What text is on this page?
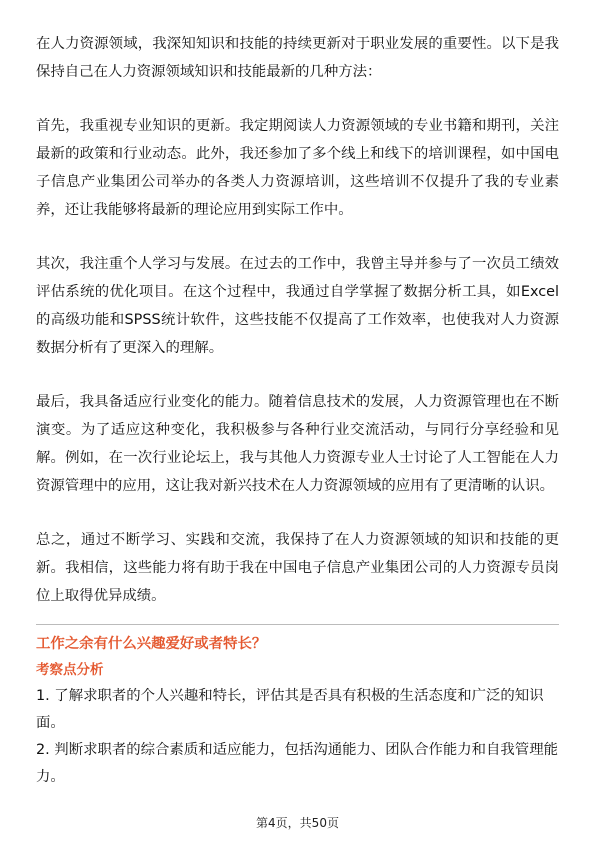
在人力资源领域，我深知知识和技能的持续更新对于职业发展的重要性。以下是我保持自己在人力资源领域知识和技能最新的几种方法：

首先，我重视专业知识的更新。我定期阅读人力资源领域的专业书籍和期刊，关注最新的政策和行业动态。此外，我还参加了多个线上和线下的培训课程，如中国电子信息产业集团公司举办的各类人力资源培训，这些培训不仅提升了我的专业素养，还让我能够将最新的理论应用到实际工作中。

其次，我注重个人学习与发展。在过去的工作中，我曾主导并参与了一次员工绩效评估系统的优化项目。在这个过程中，我通过自学掌握了数据分析工具，如Excel的高级功能和SPSS统计软件，这些技能不仅提高了工作效率，也使我对人力资源数据分析有了更深入的理解。

最后，我具备适应行业变化的能力。随着信息技术的发展，人力资源管理也在不断演变。为了适应这种变化，我积极参与各种行业交流活动，与同行分享经验和见解。例如，在一次行业论坛上，我与其他人力资源专业人士讨论了人工智能在人力资源管理中的应用，这让我对新兴技术在人力资源领域的应用有了更清晰的认识。

总之，通过不断学习、实践和交流，我保持了在人力资源领域的知识和技能的更新。我相信，这些能力将有助于我在中国电子信息产业集团公司的人力资源专员岗位上取得优异成绩。

工作之余有什么兴趣爱好或者特长？
考察点分析
1. 了解求职者的个人兴趣和特长，评估其是否具有积极的生活态度和广泛的知识面。
2. 判断求职者的综合素质和适应能力，包括沟通能力、团队合作能力和自我管理能力。
第4页，共50页
